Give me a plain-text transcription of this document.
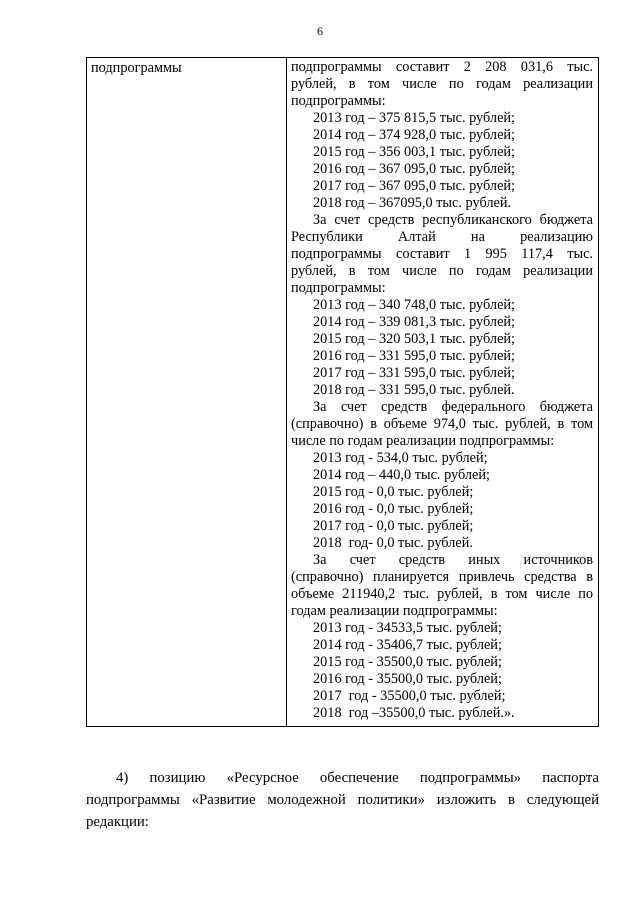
6
подпрограммы	подпрограммы составит 2 208 031,6 тыс.
рублей, в том числе по годам реализации
подпрограммы:
2013 год – 375 815,5 тыс. рублей;
2014 год – 374 928,0 тыс. рублей;
2015 год – 356 003,1 тыс. рублей;
2016 год – 367 095,0 тыс. рублей;
2017 год – 367 095,0 тыс. рублей;
2018 год – 367095,0 тыс. рублей.
За счет средств республиканского бюджета
Республики Алтай на реализацию
подпрограммы составит 1 995 117,4 тыс.
рублей, в том числе по годам реализации
подпрограммы:
2013 год – 340 748,0 тыс. рублей;
2014 год – 339 081,3 тыс. рублей;
2015 год – 320 503,1 тыс. рублей;
2016 год – 331 595,0 тыс. рублей;
2017 год – 331 595,0 тыс. рублей;
2018 год – 331 595,0 тыс. рублей.
За счет средств федерального бюджета
(справочно) в объеме 974,0 тыс. рублей, в том
числе по годам реализации подпрограммы:
2013 год - 534,0 тыс. рублей;
2014 год – 440,0 тыс. рублей;
2015 год - 0,0 тыс. рублей;
2016 год - 0,0 тыс. рублей;
2017 год - 0,0 тыс. рублей;
2018  год- 0,0 тыс. рублей.
За счет средств иных источников
(справочно) планируется привлечь средства в
объеме 211940,2 тыс. рублей, в том числе по
годам реализации подпрограммы:
2013 год - 34533,5 тыс. рублей;
2014 год - 35406,7 тыс. рублей;
2015 год - 35500,0 тыс. рублей;
2016 год - 35500,0 тыс. рублей;
2017  год - 35500,0 тыс. рублей;
2018  год –35500,0 тыс. рублей.».
4) позицию «Ресурсное обеспечение подпрограммы» паспорта
подпрограммы «Развитие молодежной политики» изложить в следующей
редакции:
